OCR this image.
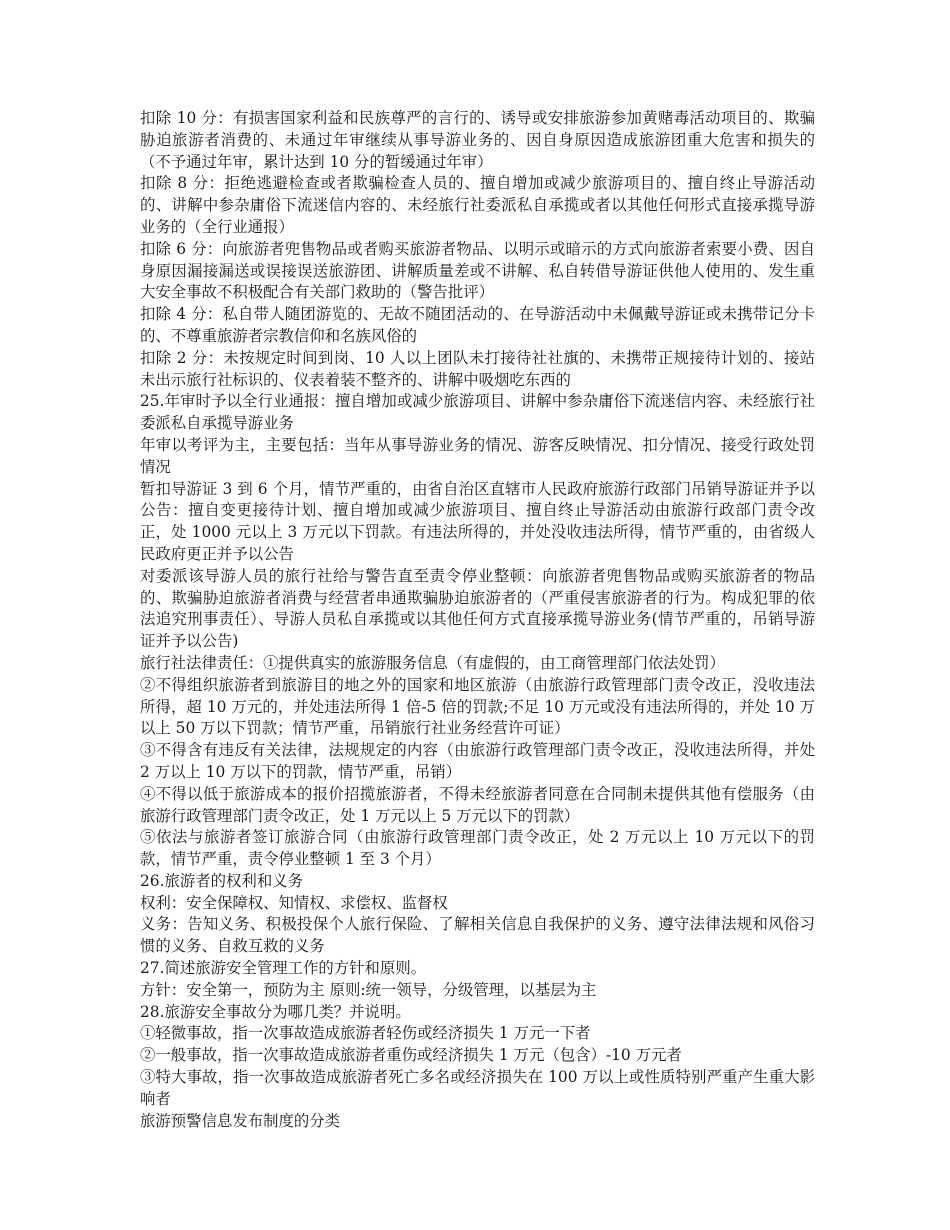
扣除 10 分：有损害国家利益和民族尊严的言行的、诱导或安排旅游参加黄赌毒活动项目的、欺骗胁迫旅游者消费的、未通过年审继续从事导游业务的、因自身原因造成旅游团重大危害和损失的（不予通过年审，累计达到 10 分的暂缓通过年审）

扣除 8 分：拒绝逃避检查或者欺骗检查人员的、擅自增加或减少旅游项目的、擅自终止导游活动的、讲解中参杂庸俗下流迷信内容的、未经旅行社委派私自承揽或者以其他任何形式直接承揽导游业务的（全行业通报）

扣除 6 分：向旅游者兜售物品或者购买旅游者物品、以明示或暗示的方式向旅游者索要小费、因自身原因漏接漏送或误接误送旅游团、讲解质量差或不讲解、私自转借导游证供他人使用的、发生重大安全事故不积极配合有关部门救助的（警告批评）

扣除 4 分：私自带人随团游览的、无故不随团活动的、在导游活动中未佩戴导游证或未携带记分卡的、不尊重旅游者宗教信仰和名族风俗的

扣除 2 分：未按规定时间到岗、10 人以上团队未打接待社社旗的、未携带正规接待计划的、接站未出示旅行社标识的、仪表着装不整齐的、讲解中吸烟吃东西的

25.年审时予以全行业通报：擅自增加或减少旅游项目、讲解中参杂庸俗下流迷信内容、未经旅行社委派私自承揽导游业务

年审以考评为主，主要包括：当年从事导游业务的情况、游客反映情况、扣分情况、接受行政处罚情况

暂扣导游证 3 到 6 个月，情节严重的，由省自治区直辖市人民政府旅游行政部门吊销导游证并予以公告：擅自变更接待计划、擅自增加或减少旅游项目、擅自终止导游活动由旅游行政部门责令改正，处 1000 元以上 3 万元以下罚款。有违法所得的，并处没收违法所得，情节严重的，由省级人民政府更正并予以公告

对委派该导游人员的旅行社给与警告直至责令停业整顿：向旅游者兜售物品或购买旅游者的物品的、欺骗胁迫旅游者消费与经营者串通欺骗胁迫旅游者的（严重侵害旅游者的行为。构成犯罪的依法追究刑事责任）、导游人员私自承揽或以其他任何方式直接承揽导游业务(情节严重的，吊销导游证并予以公告)

旅行社法律责任：①提供真实的旅游服务信息（有虚假的，由工商管理部门依法处罚）

②不得组织旅游者到旅游目的地之外的国家和地区旅游（由旅游行政管理部门责令改正，没收违法所得，超 10 万元的，并处违法所得 1 倍-5 倍的罚款;不足 10 万元或没有违法所得的，并处 10 万以上 50 万以下罚款；情节严重，吊销旅行社业务经营许可证）

③不得含有违反有关法律，法规规定的内容（由旅游行政管理部门责令改正，没收违法所得，并处 2 万以上 10 万以下的罚款，情节严重，吊销）

④不得以低于旅游成本的报价招揽旅游者，不得未经旅游者同意在合同制未提供其他有偿服务（由旅游行政管理部门责令改正，处 1 万元以上 5 万元以下的罚款）

⑤依法与旅游者签订旅游合同（由旅游行政管理部门责令改正，处 2 万元以上 10 万元以下的罚款，情节严重，责令停业整顿 1 至 3 个月）

26.旅游者的权利和义务

权利：安全保障权、知情权、求偿权、监督权

义务：告知义务、积极投保个人旅行保险、了解相关信息自我保护的义务、遵守法律法规和风俗习惯的义务、自救互救的义务

27.简述旅游安全管理工作的方针和原则。

方针：安全第一，预防为主 原则:统一领导，分级管理，以基层为主

28.旅游安全事故分为哪几类？并说明。

①轻微事故，指一次事故造成旅游者轻伤或经济损失 1 万元一下者

②一般事故，指一次事故造成旅游者重伤或经济损失 1 万元（包含）-10 万元者

③特大事故，指一次事故造成旅游者死亡多名或经济损失在 100 万以上或性质特别严重产生重大影响者

旅游预警信息发布制度的分类
